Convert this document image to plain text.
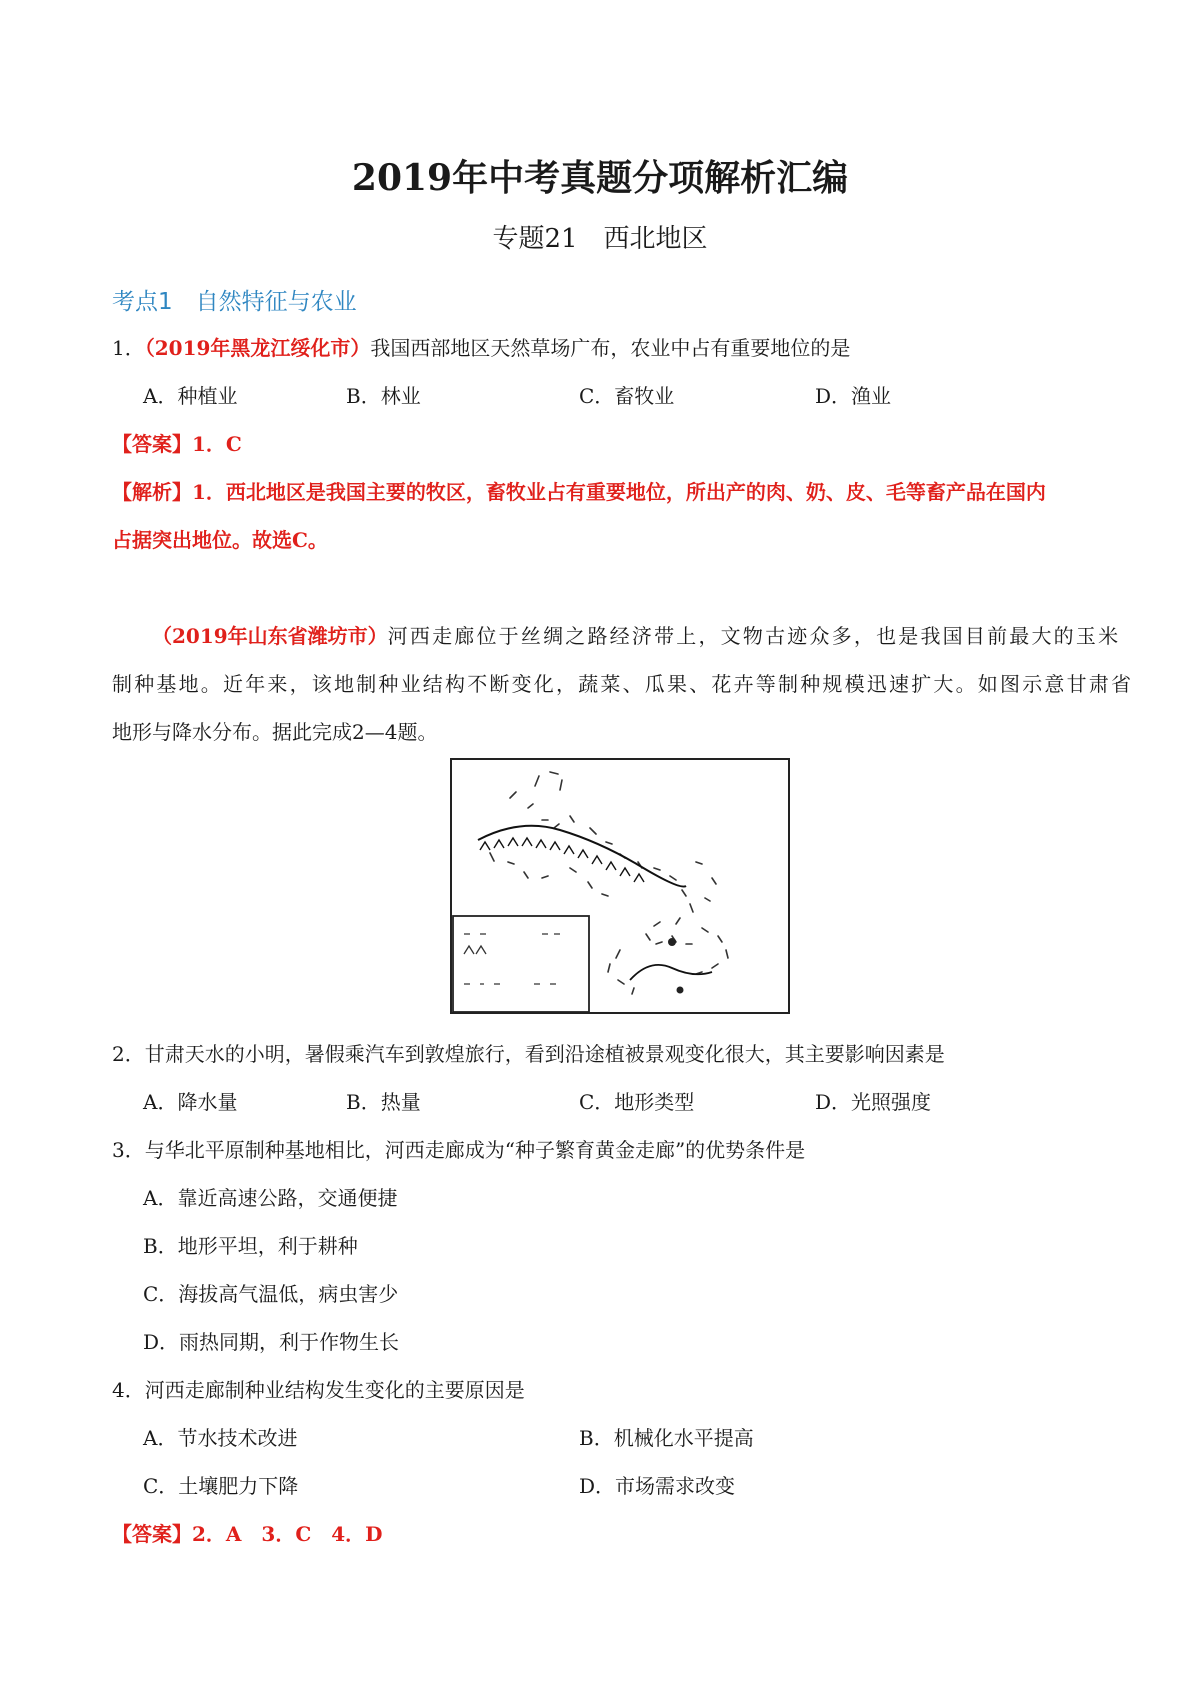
2019年中考真题分项解析汇编
专题21　西北地区
考点1　自然特征与农业
1．（2019年黑龙江绥化市）我国西部地区天然草场广布，农业中占有重要地位的是
A．种植业	B．林业	C．畜牧业	D．渔业
【答案】1．C
【解析】1．西北地区是我国主要的牧区，畜牧业占有重要地位，所出产的肉、奶、皮、毛等畜产品在国内
占据突出地位。故选C。
（2019年山东省潍坊市）河西走廊位于丝绸之路经济带上，文物古迹众多，也是我国目前最大的玉米
制种基地。近年来，该地制种业结构不断变化，蔬菜、瓜果、花卉等制种规模迅速扩大。如图示意甘肃省
地形与降水分布。据此完成2—4题。
2．甘肃天水的小明，暑假乘汽车到敦煌旅行，看到沿途植被景观变化很大，其主要影响因素是
A．降水量	B．热量	C．地形类型	D．光照强度
3．与华北平原制种基地相比，河西走廊成为“种子繁育黄金走廊”的优势条件是
A．靠近高速公路，交通便捷
B．地形平坦，利于耕种
C．海拔高气温低，病虫害少
D．雨热同期，利于作物生长
4．河西走廊制种业结构发生变化的主要原因是
A．节水技术改进	B．机械化水平提高
C．土壤肥力下降	D．市场需求改变
【答案】2．A　3．C　4．D
